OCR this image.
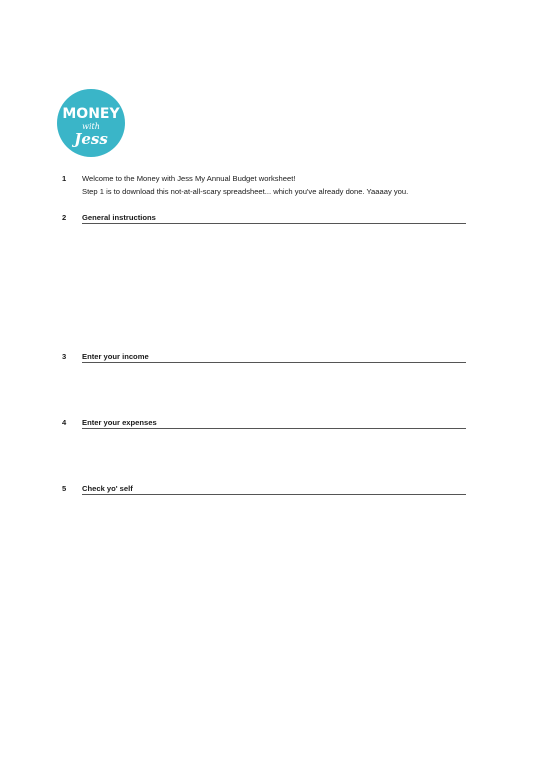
MONEY
with
Jess
1 Welcome to the Money with Jess My Annual Budget worksheet!
Step 1 is to download this not-at-all-scary spreadsheet... which you've already done. Yaaaay you.
2 General instructions
3 Enter your income
4 Enter your expenses
5 Check yo' self
